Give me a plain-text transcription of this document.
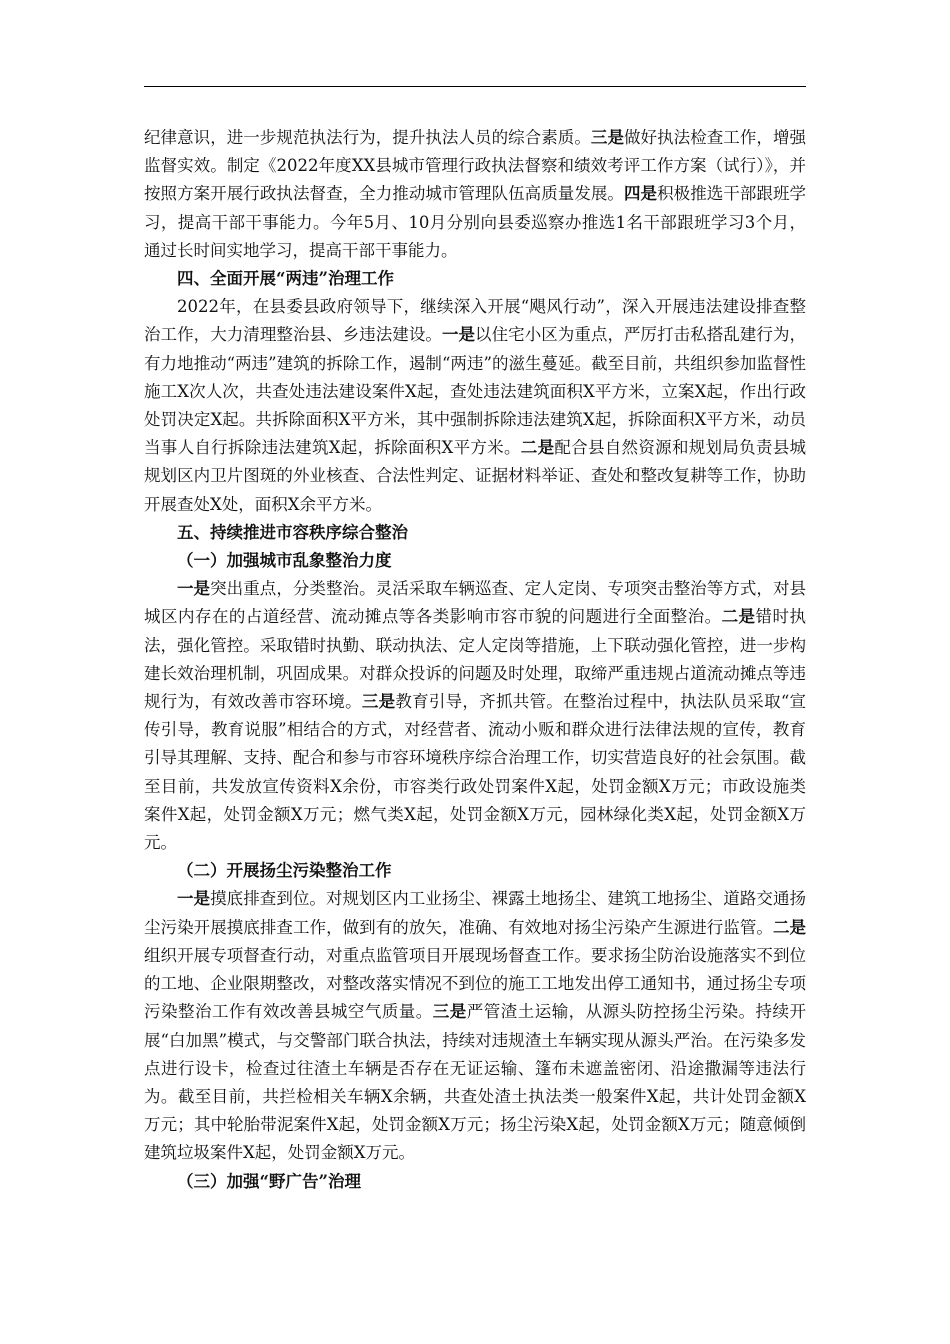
纪律意识，进一步规范执法行为，提升执法人员的综合素质。三是做好执法检查工作，增强监督实效。制定《2022年度XX县城市管理行政执法督察和绩效考评工作方案（试行）》，并按照方案开展行政执法督查，全力推动城市管理队伍高质量发展。四是积极推选干部跟班学习，提高干部干事能力。今年5月、10月分别向县委巡察办推选1名干部跟班学习3个月，通过长时间实地学习，提高干部干事能力。

四、全面开展“两违”治理工作

2022年，在县委县政府领导下，继续深入开展“飓风行动”，深入开展违法建设排查整治工作，大力清理整治县、乡违法建设。一是以住宅小区为重点，严厉打击私搭乱建行为，有力地推动“两违”建筑的拆除工作，遏制“两违”的滋生蔓延。截至目前，共组织参加监督性施工X次人次，共查处违法建设案件X起，查处违法建筑面积X平方米，立案X起，作出行政处罚决定X起。共拆除面积X平方米，其中强制拆除违法建筑X起，拆除面积X平方米，动员当事人自行拆除违法建筑X起，拆除面积X平方米。二是配合县自然资源和规划局负责县城规划区内卫片图斑的外业核查、合法性判定、证据材料举证、查处和整改复耕等工作，协助开展查处X处，面积X余平方米。

五、持续推进市容秩序综合整治

（一）加强城市乱象整治力度

一是突出重点，分类整治。灵活采取车辆巡查、定人定岗、专项突击整治等方式，对县城区内存在的占道经营、流动摊点等各类影响市容市貌的问题进行全面整治。二是错时执法，强化管控。采取错时执勤、联动执法、定人定岗等措施，上下联动强化管控，进一步构建长效治理机制，巩固成果。对群众投诉的问题及时处理，取缔严重违规占道流动摊点等违规行为，有效改善市容环境。三是教育引导，齐抓共管。在整治过程中，执法队员采取“宣传引导，教育说服”相结合的方式，对经营者、流动小贩和群众进行法律法规的宣传，教育引导其理解、支持、配合和参与市容环境秩序综合治理工作，切实营造良好的社会氛围。截至目前，共发放宣传资料X余份，市容类行政处罚案件X起，处罚金额X万元；市政设施类案件X起，处罚金额X万元；燃气类X起，处罚金额X万元，园林绿化类X起，处罚金额X万元。

（二）开展扬尘污染整治工作

一是摸底排查到位。对规划区内工业扬尘、裸露土地扬尘、建筑工地扬尘、道路交通扬尘污染开展摸底排查工作，做到有的放矢，准确、有效地对扬尘污染产生源进行监管。二是组织开展专项督查行动，对重点监管项目开展现场督查工作。要求扬尘防治设施落实不到位的工地、企业限期整改，对整改落实情况不到位的施工工地发出停工通知书，通过扬尘专项污染整治工作有效改善县城空气质量。三是严管渣土运输，从源头防控扬尘污染。持续开展“白加黑”模式，与交警部门联合执法，持续对违规渣土车辆实现从源头严治。在污染多发点进行设卡，检查过往渣土车辆是否存在无证运输、篷布未遮盖密闭、沿途撒漏等违法行为。截至目前，共拦检相关车辆X余辆，共查处渣土执法类一般案件X起，共计处罚金额X万元；其中轮胎带泥案件X起，处罚金额X万元；扬尘污染X起，处罚金额X万元；随意倾倒建筑垃圾案件X起，处罚金额X万元。

（三）加强“野广告”治理
